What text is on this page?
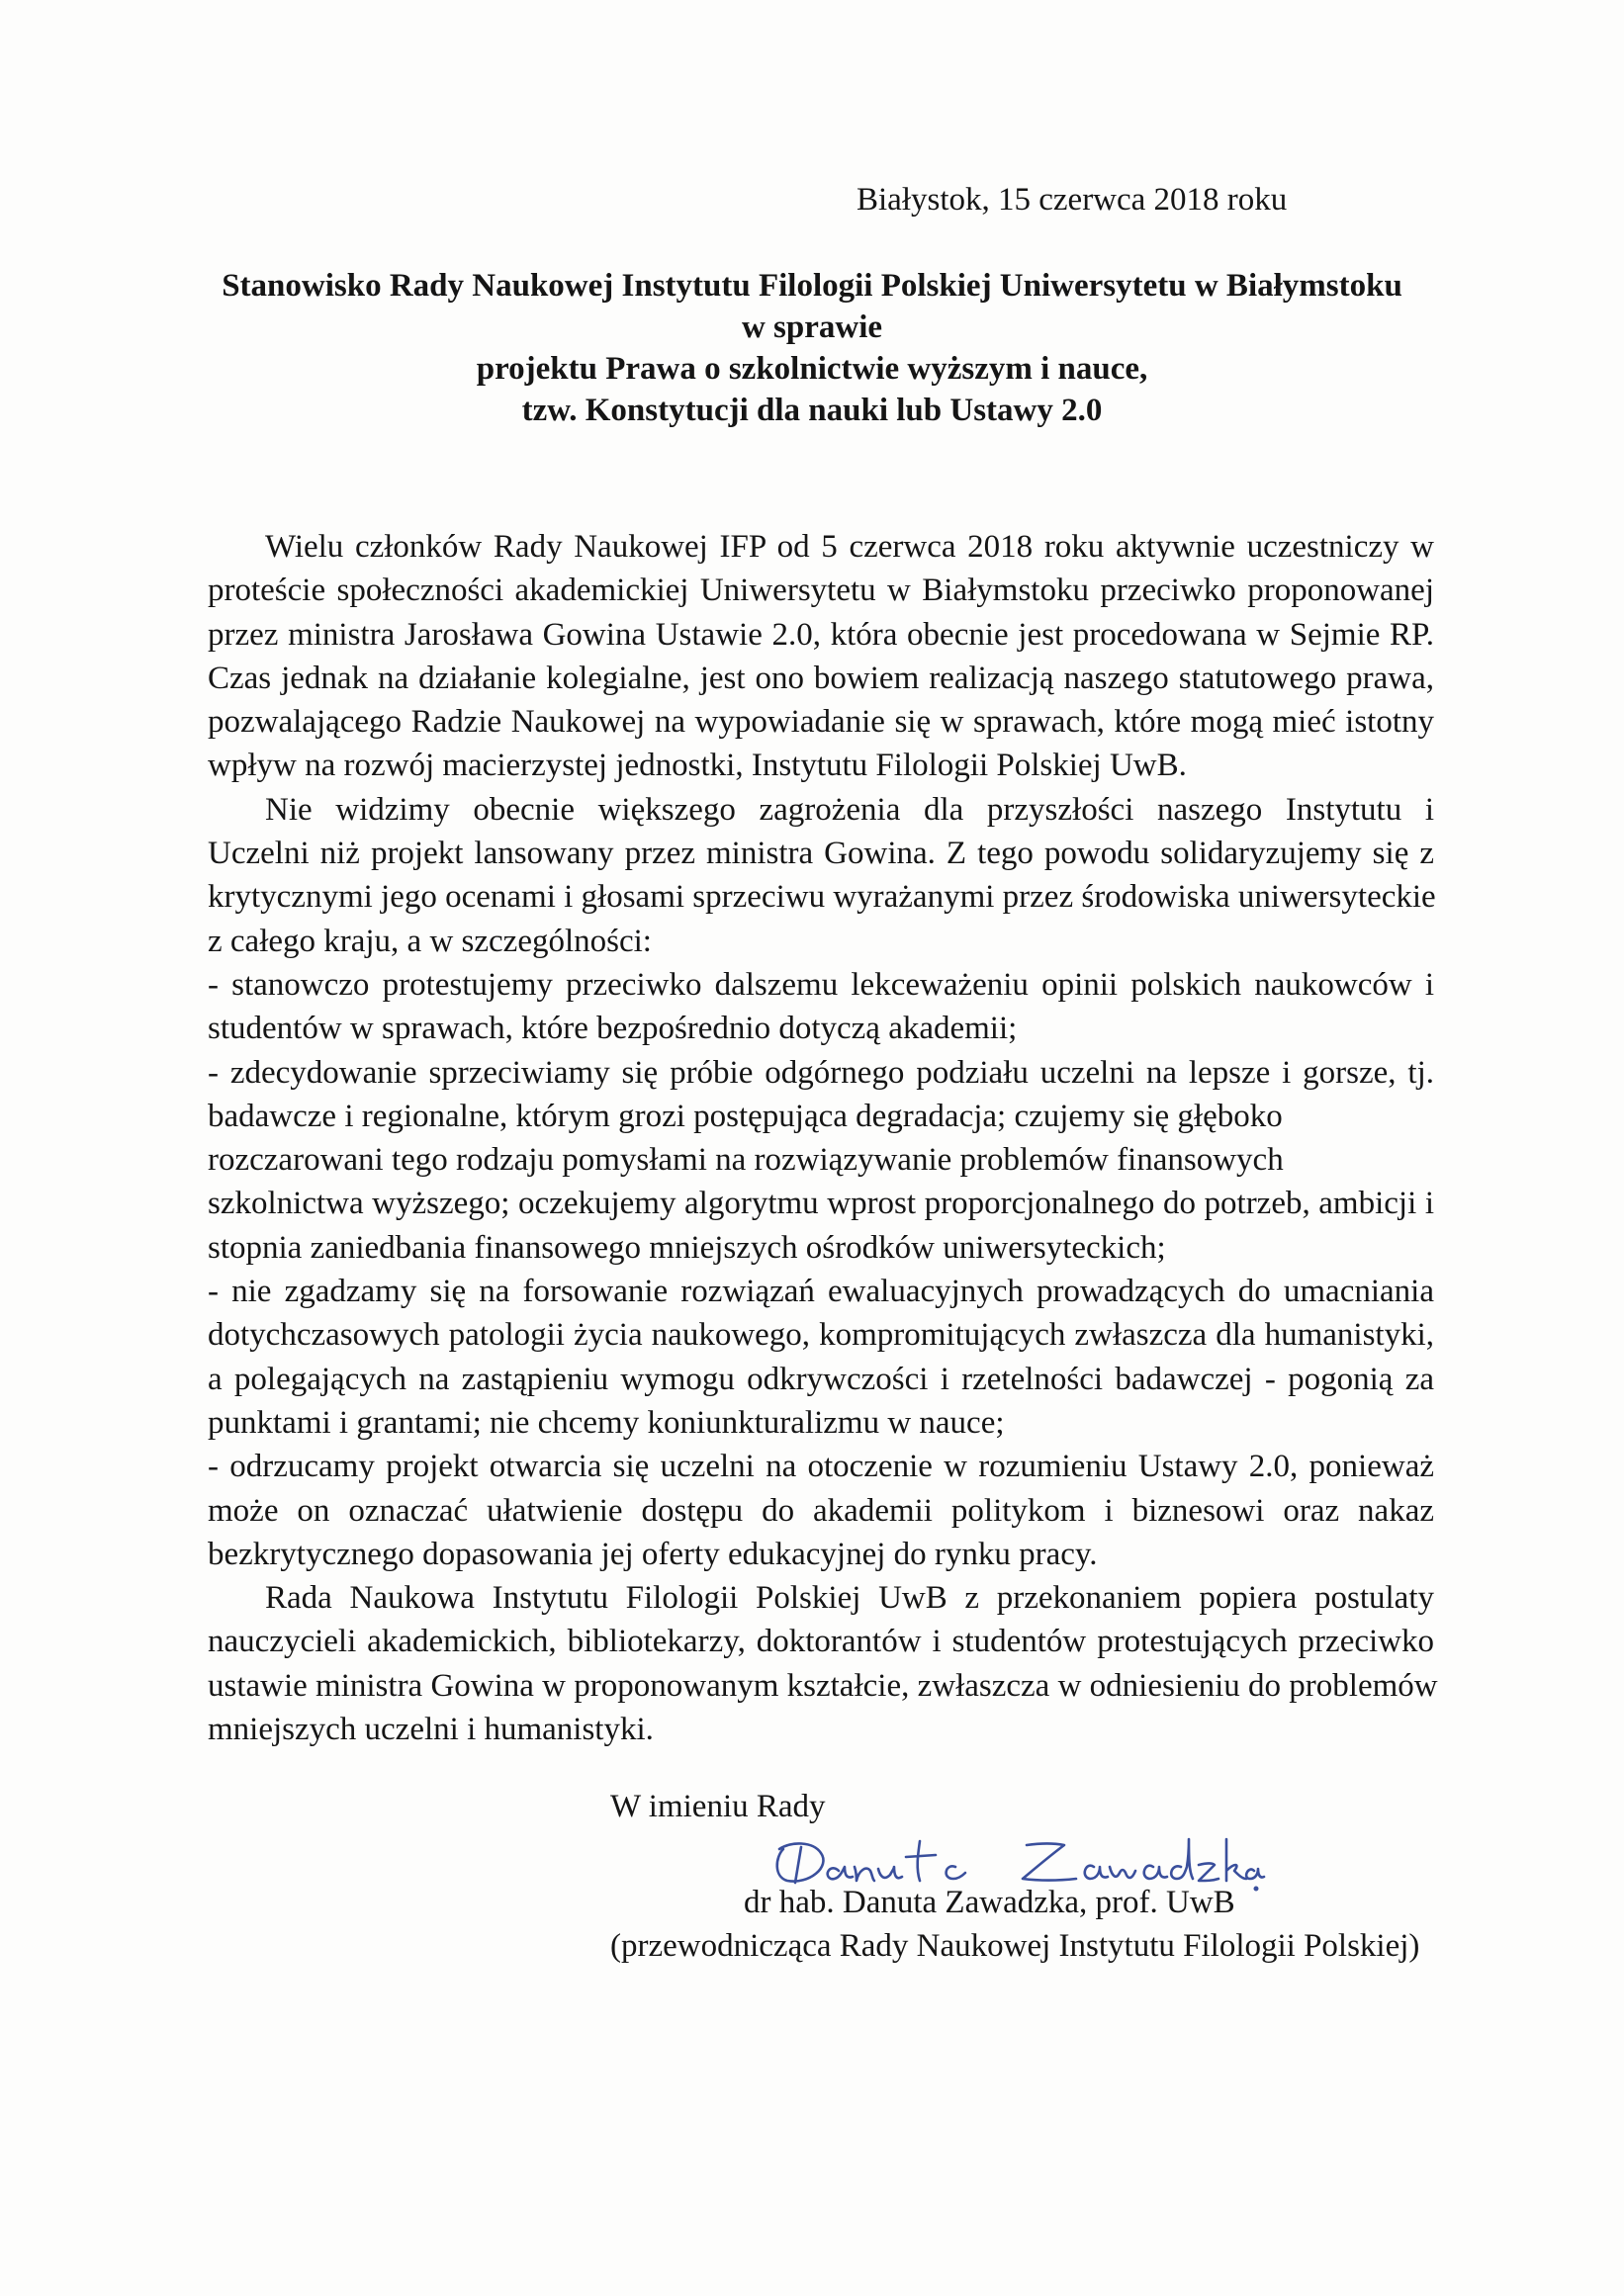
Białystok, 15 czerwca 2018 roku
Stanowisko Rady Naukowej Instytutu Filologii Polskiej Uniwersytetu w Białymstoku
w sprawie
projektu Prawa o szkolnictwie wyższym i nauce,
tzw. Konstytucji dla nauki lub Ustawy 2.0
Wielu członków Rady Naukowej IFP od 5 czerwca 2018 roku aktywnie uczestniczy w
proteście społeczności akademickiej Uniwersytetu w Białymstoku przeciwko proponowanej
przez ministra Jarosława Gowina Ustawie 2.0, która obecnie jest procedowana w Sejmie RP.
Czas jednak na działanie kolegialne, jest ono bowiem realizacją naszego statutowego prawa,
pozwalającego Radzie Naukowej na wypowiadanie się w sprawach, które mogą mieć istotny
wpływ na rozwój macierzystej jednostki, Instytutu Filologii Polskiej UwB.
Nie widzimy obecnie większego zagrożenia dla przyszłości naszego Instytutu i
Uczelni niż projekt lansowany przez ministra Gowina. Z tego powodu solidaryzujemy się z
krytycznymi jego ocenami i głosami sprzeciwu wyrażanymi przez środowiska uniwersyteckie
z całego kraju, a w szczególności:
- stanowczo protestujemy przeciwko dalszemu lekceważeniu opinii polskich naukowców i
studentów w sprawach, które bezpośrednio dotyczą akademii;
- zdecydowanie sprzeciwiamy się próbie odgórnego podziału uczelni na lepsze i gorsze, tj.
badawcze i regionalne, którym grozi postępująca degradacja; czujemy się głęboko
rozczarowani tego rodzaju pomysłami na rozwiązywanie problemów finansowych
szkolnictwa wyższego; oczekujemy algorytmu wprost proporcjonalnego do potrzeb, ambicji i
stopnia zaniedbania finansowego mniejszych ośrodków uniwersyteckich;
- nie zgadzamy się na forsowanie rozwiązań ewaluacyjnych prowadzących do umacniania
dotychczasowych patologii życia naukowego, kompromitujących zwłaszcza dla humanistyki,
a polegających na zastąpieniu wymogu odkrywczości i rzetelności badawczej - pogonią za
punktami i grantami; nie chcemy koniunkturalizmu w nauce;
- odrzucamy projekt otwarcia się uczelni na otoczenie w rozumieniu Ustawy 2.0, ponieważ
może on oznaczać ułatwienie dostępu do akademii politykom i biznesowi oraz nakaz
bezkrytycznego dopasowania jej oferty edukacyjnej do rynku pracy.
Rada Naukowa Instytutu Filologii Polskiej UwB z przekonaniem popiera postulaty
nauczycieli akademickich, bibliotekarzy, doktorantów i studentów protestujących przeciwko
ustawie ministra Gowina w proponowanym kształcie, zwłaszcza w odniesieniu do problemów
mniejszych uczelni i humanistyki.
W imieniu Rady
dr hab. Danuta Zawadzka, prof. UwB
(przewodnicząca Rady Naukowej Instytutu Filologii Polskiej)
